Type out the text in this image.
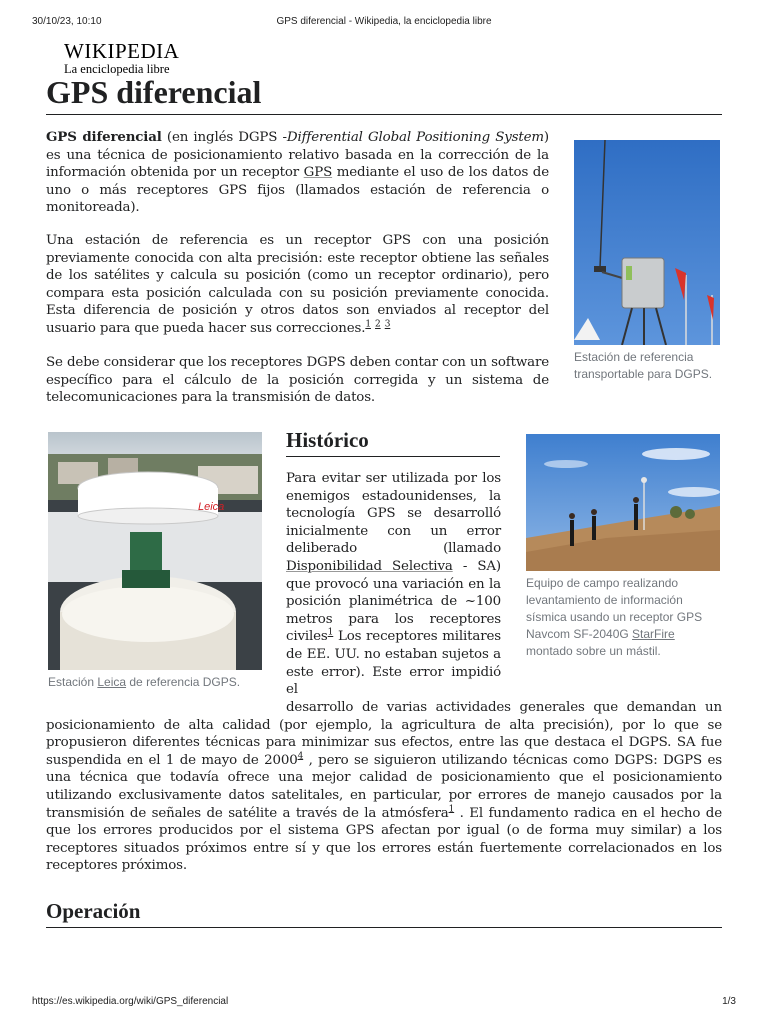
30/10/23, 10:10	GPS diferencial - Wikipedia, la enciclopedia libre
WIKIPEDIA
La enciclopedia libre
GPS diferencial

GPS diferencial (en inglés DGPS -Differential Global Positioning System) es una técnica de posicionamiento relativo basada en la corrección de la información obtenida por un receptor GPS mediante el uso de los datos de uno o más receptores GPS fijos (llamados estación de referencia o monitoreada).

Una estación de referencia es un receptor GPS con una posición previamente conocida con alta precisión: este receptor obtiene las señales de los satélites y calcula su posición (como un receptor ordinario), pero compara esta posición calculada con su posición previamente conocida. Esta diferencia de posición y otros datos son enviados al receptor del usuario para que pueda hacer sus correcciones.$^1$ $^2$ $^3$

Se debe considerar que los receptores DGPS deben contar con un software específico para el cálculo de la posición corregida y un sistema de telecomunicaciones para la transmisión de datos.

Estación de referencia transportable para DGPS.
Leica
Estación Leica de referencia DGPS.
Histórico

Para evitar ser utilizada por los enemigos estadounidenses, la tecnología GPS se desarrolló inicialmente con un error deliberado (llamado Disponibilidad Selectiva - SA) que provocó una variación en la posición planimétrica de ~100 metros para los receptores civiles$^1$ Los receptores militares de EE. UU. no estaban sujetos a este error). Este error impidió el

Equipo de campo realizando levantamiento de información sísmica usando un receptor GPS Navcom SF-2040G StarFire montado sobre un mástil.

desarrollo de varias actividades generales que demandan un posicionamiento de alta calidad (por ejemplo, la agricultura de alta precisión), por lo que se propusieron diferentes técnicas para minimizar sus efectos, entre las que destaca el DGPS. SA fue suspendida en el 1 de mayo de 2000$^4$ , pero se siguieron utilizando técnicas como DGPS: DGPS es una técnica que todavía ofrece una mejor calidad de posicionamiento que el posicionamiento utilizando exclusivamente datos satelitales, en particular, por errores de manejo causados por la transmisión de señales de satélite a través de la atmósfera$^1$ . El fundamento radica en el hecho de que los errores producidos por el sistema GPS afectan por igual (o de forma muy similar) a los receptores situados próximos entre sí y que los errores están fuertemente correlacionados en los receptores próximos.

Operación
https://es.wikipedia.org/wiki/GPS_diferencial	1/3
